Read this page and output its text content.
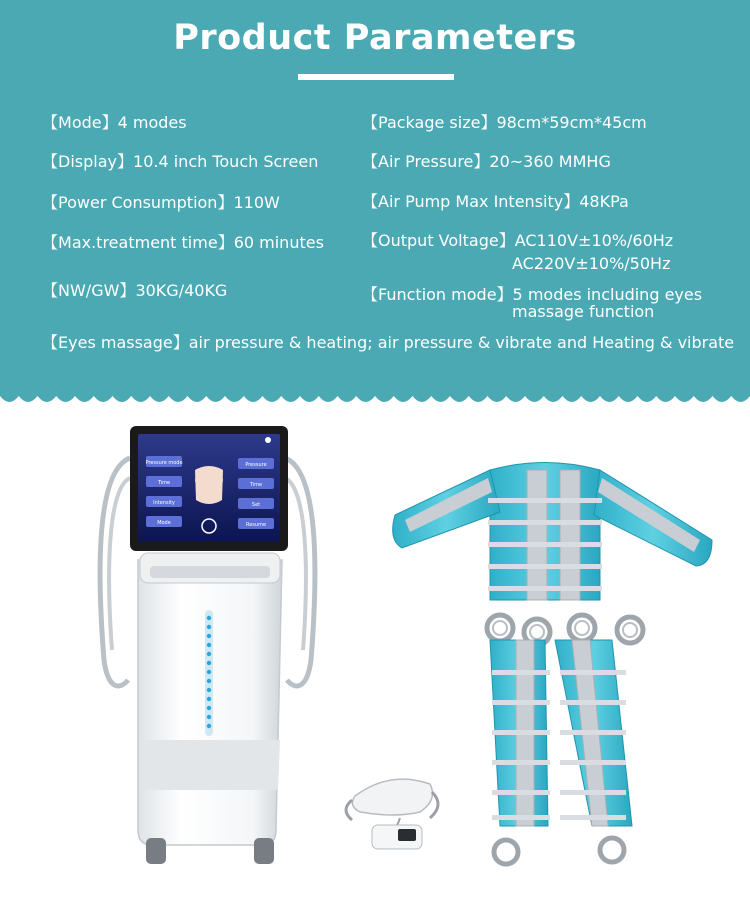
Product Parameters
【 Mode 】 4 modes
【 Display 】 10.4 inch Touch Screen
【 Power Consumption 】 110W
【 Max.treatment time 】 60 minutes
【 NW/GW 】 30KG/40KG
【 Package size 】 98cm*59cm*45cm
【 Air Pressure 】 20~360 MMHG
【 Air Pump Max Intensity 】 48KPa
【 Output Voltage 】 AC110V±10%/60Hz
AC220V±10%/50Hz
【 Function mode 】 5 modes including eyes
massage function
【 Eyes massage 】 air pressure & heating; air pressure & vibrate and Heating & vibrate
Pressure mode
Time
Intensity
Mode
Pressure
Time
Set
Resume
